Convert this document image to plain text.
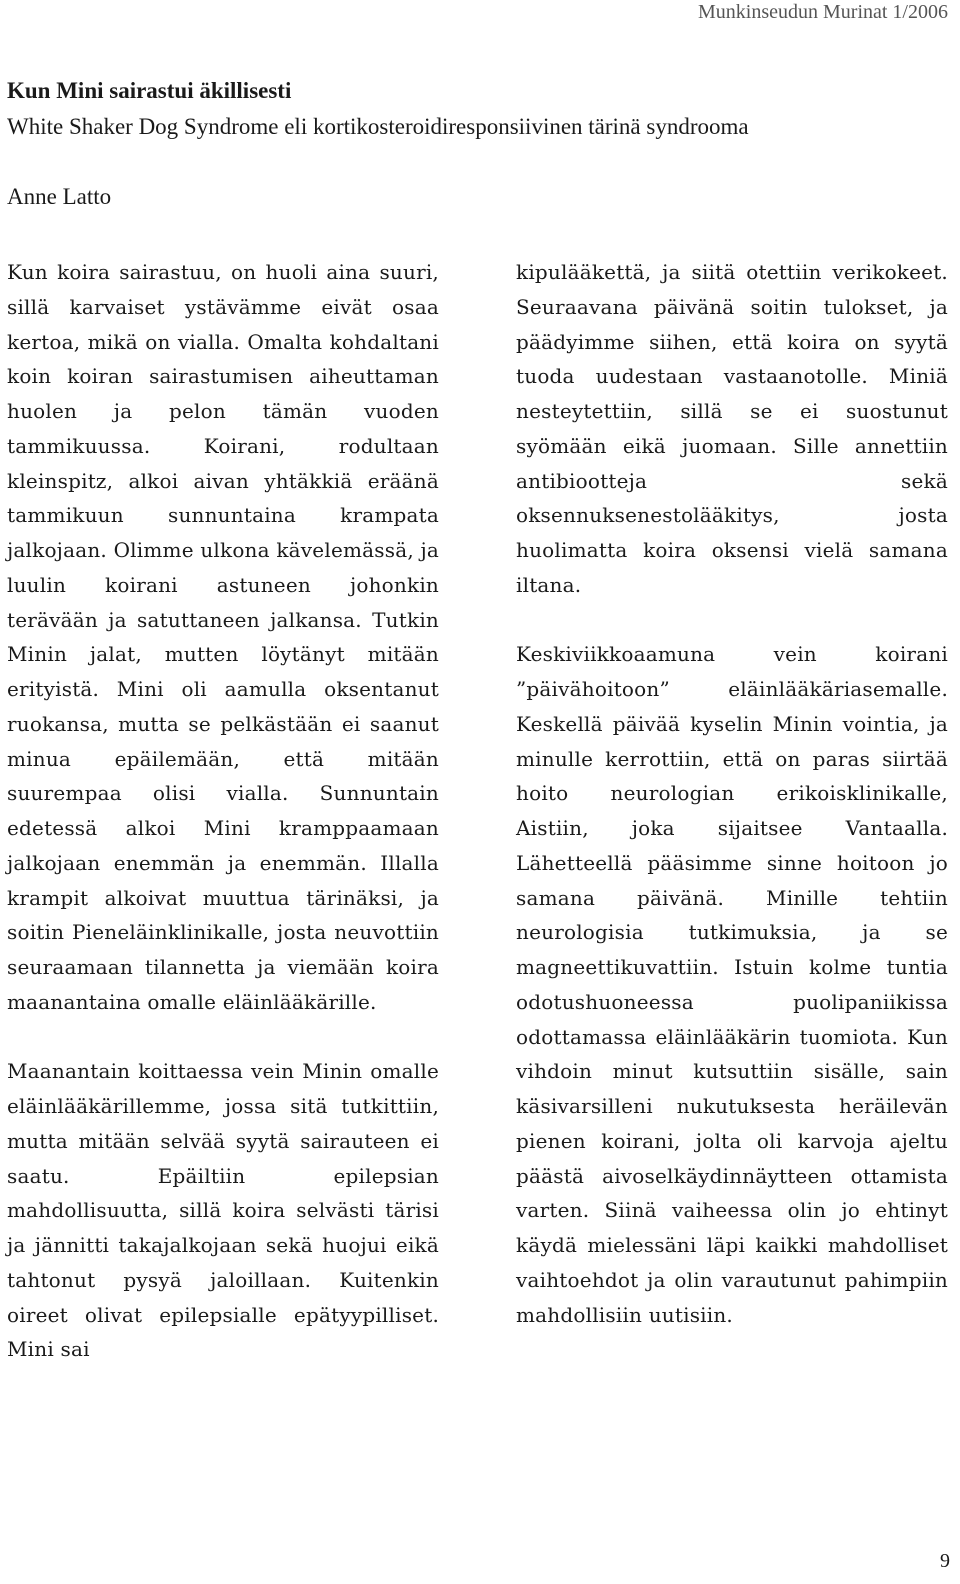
Munkinseudun Murinat 1/2006
Kun Mini sairastui äkillisesti
White Shaker Dog Syndrome eli kortikosteroidiresponsiivinen tärinä syndrooma
Anne Latto

Kun koira sairastuu, on huoli aina suuri, sillä karvaiset ystävämme eivät osaa kertoa, mikä on vialla. Omalta kohdaltani koin koiran sairastumisen aiheuttaman huolen ja pelon tämän vuoden tammikuussa. Koirani, rodultaan kleinspitz, alkoi aivan yhtäkkiä eräänä tammikuun sunnuntaina krampata jalkojaan. Olimme ulkona kävelemässä, ja luulin koirani astuneen johonkin terävään ja satuttaneen jalkansa. Tutkin Minin jalat, mutten löytänyt mitään erityistä. Mini oli aamulla oksentanut ruokansa, mutta se pelkästään ei saanut minua epäilemään, että mitään suurempaa olisi vialla. Sunnuntain edetessä alkoi Mini kramppaamaan jalkojaan enemmän ja enemmän. Illalla krampit alkoivat muuttua tärinäksi, ja soitin Pieneläinklinikalle, josta neuvottiin seuraamaan tilannetta ja viemään koira maanantaina omalle eläinlääkärille.

Maanantain koittaessa vein Minin omalle eläinlääkärillemme, jossa sitä tutkittiin, mutta mitään selvää syytä sairauteen ei saatu. Epäiltiin epilepsian mahdollisuutta, sillä koira selvästi tärisi ja jännitti takajalkojaan sekä huojui eikä tahtonut pysyä jaloillaan. Kuitenkin oireet olivat epilepsialle epätyypilliset. Mini sai

kipulääkettä, ja siitä otettiin verikokeet. Seuraavana päivänä soitin tulokset, ja päädyimme siihen, että koira on syytä tuoda uudestaan vastaanotolle. Miniä nesteytettiin, sillä se ei suostunut syömään eikä juomaan. Sille annettiin antibiootteja sekä oksennuksenestolääkitys, josta huolimatta koira oksensi vielä samana iltana.

Keskiviikkoaamuna vein koirani ”päivähoitoon” eläinlääkäriasemalle. Keskellä päivää kyselin Minin vointia, ja minulle kerrottiin, että on paras siirtää hoito neurologian erikoisklinikalle, Aistiin, joka sijaitsee Vantaalla. Lähetteellä pääsimme sinne hoitoon jo samana päivänä. Minille tehtiin neurologisia tutkimuksia, ja se magneettikuvattiin. Istuin kolme tuntia odotushuoneessa puolipaniikissa odottamassa eläinlääkärin tuomiota. Kun vihdoin minut kutsuttiin sisälle, sain käsivarsilleni nukutuksesta heräilevän pienen koirani, jolta oli karvoja ajeltu päästä aivoselkäydinnäytteen ottamista varten. Siinä vaiheessa olin jo ehtinyt käydä mielessäni läpi kaikki mahdolliset vaihtoehdot ja olin varautunut pahimpiin mahdollisiin uutisiin.

9
